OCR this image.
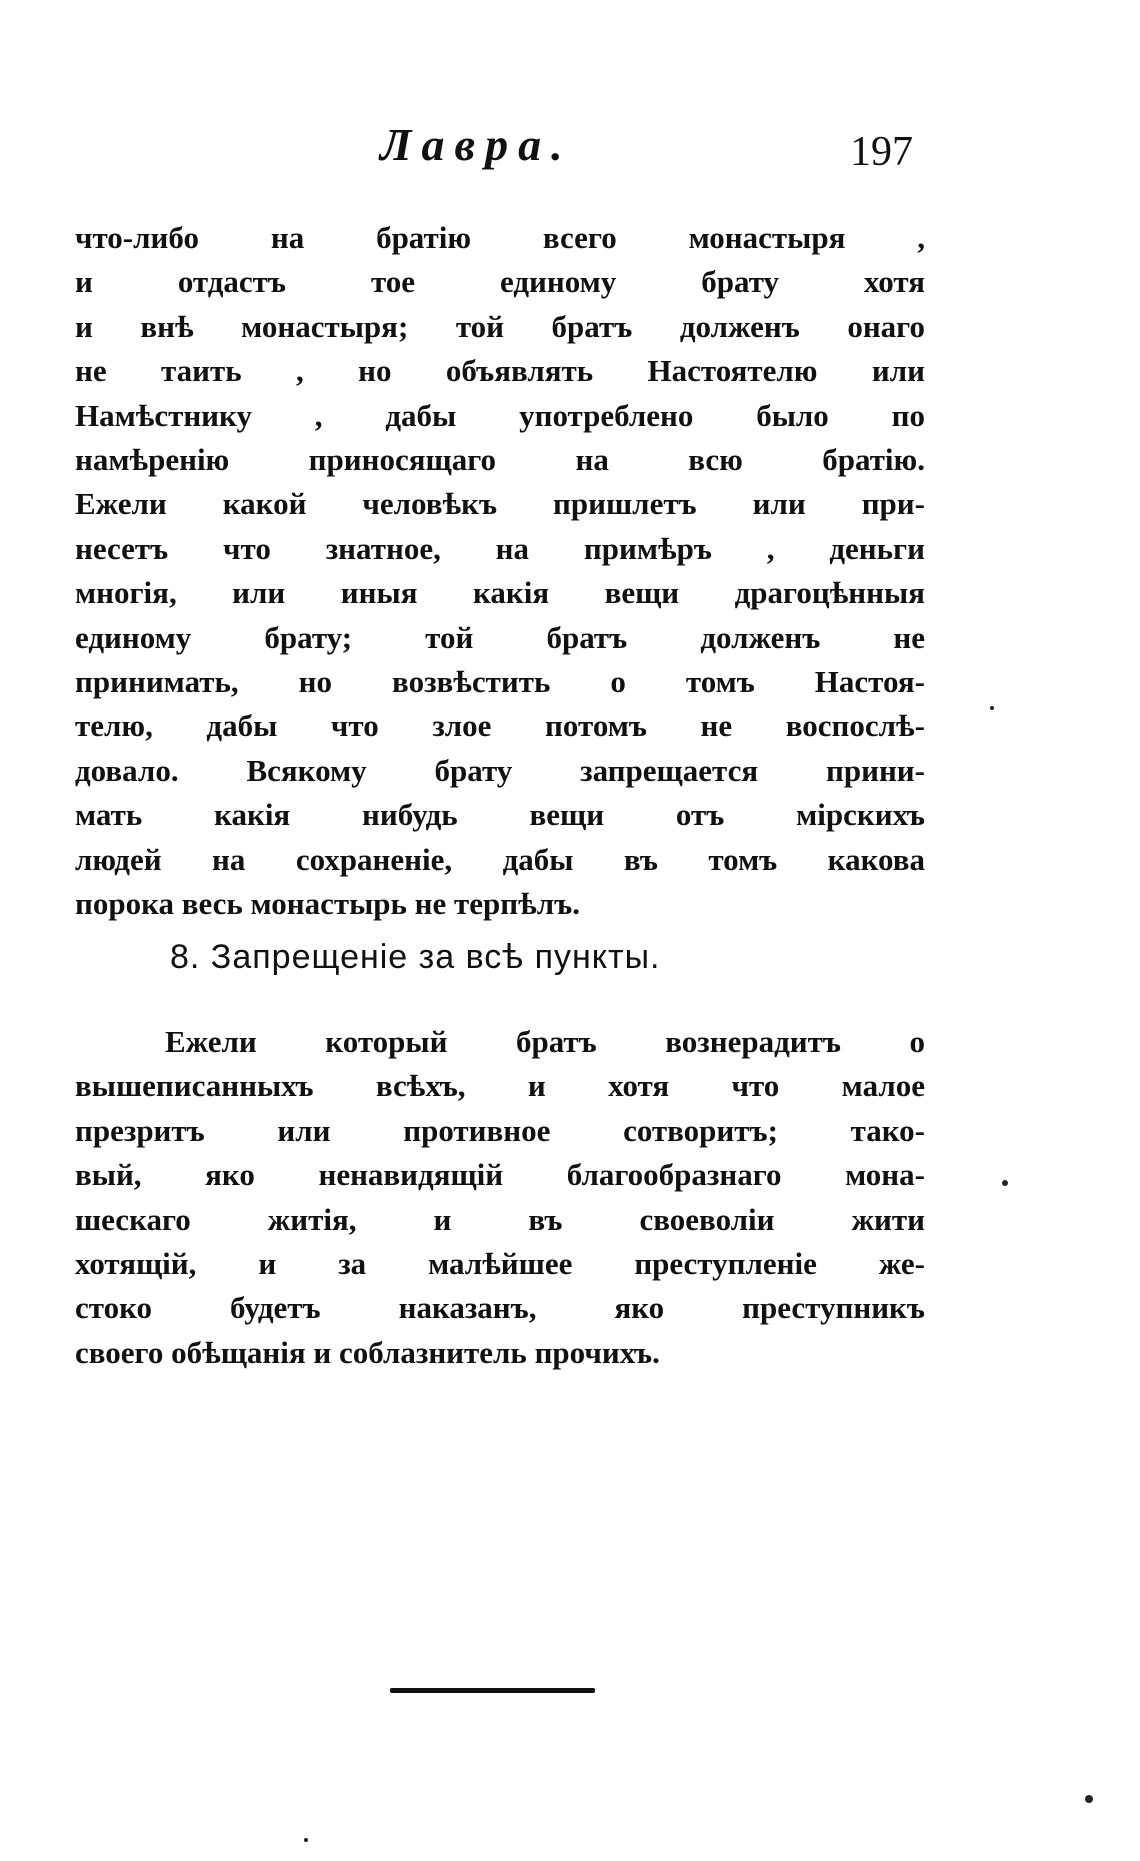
Лавра.	197
что-либо на братію всего монастыря ,
и отдастъ тое единому брату хотя
и внѣ монастыря; той братъ долженъ онаго
не таить , но объявлять Настоятелю или
Намѣстнику , дабы употреблено было по
намѣренію приносящаго на всю братію.
Ежели какой человѣкъ пришлетъ или при-
несетъ что знатное, на примѣръ , деньги
многія, или иныя какія вещи драгоцѣнныя
единому брату; той братъ долженъ не
принимать, но возвѣстить о томъ Настоя-
телю, дабы что злое потомъ не воспослѣ-
довало. Всякому брату запрещается прини-
мать какія нибудь вещи отъ мірскихъ
людей на сохраненіе, дабы въ томъ какова
порока весь монастырь не терпѣлъ.
8. Запрещеніе за всѣ пункты.
Ежели который братъ вознерадитъ о
вышеписанныхъ всѣхъ, и хотя что малое
презритъ или противное сотворитъ; тако-
вый, яко ненавидящій благообразнаго мона-
шескаго житія, и въ своеволіи жити
хотящій, и за малѣйшее преступленіе же-
стоко будетъ наказанъ, яко преступникъ
своего обѣщанія и соблазнитель прочихъ.
